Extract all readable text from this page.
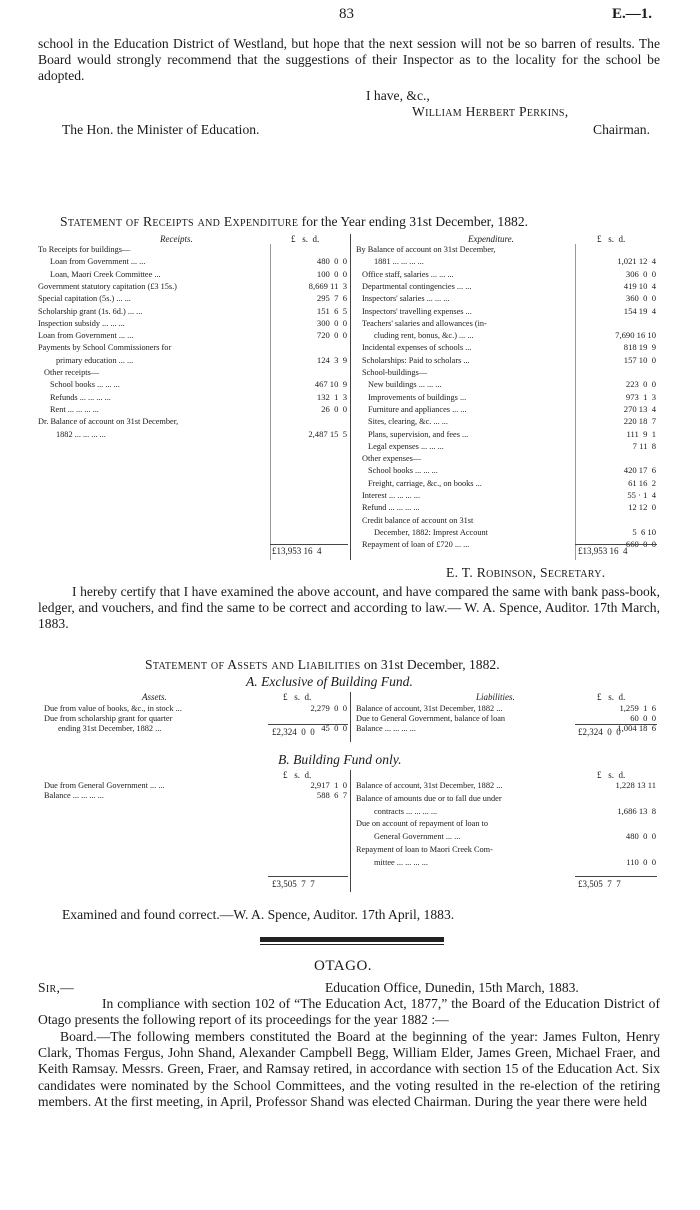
83	E.—1.
school in the Education District of Westland, but hope that the next session will not be so barren of results. The Board would strongly recommend that the suggestions of their Inspector as to the locality for the school be adopted.
I have, &c.,
William Herbert Perkins,
The Hon. the Minister of Education.	Chairman.
Statement of Receipts and Expenditure for the Year ending 31st December, 1882.
Receipts.	£   s.  d.	Expenditure.	£   s.  d.
To Receipts for buildings—
Loan from Government ... ...	480  0  0
Loan, Maori Creek Committee ...	100  0  0
Government statutory capitation (£3 15s.)	8,669 11  3
Special capitation (5s.) ... ...	295  7  6
Scholarship grant (1s. 6d.) ... ...	151  6  5
Inspection subsidy ... ... ...	300  0  0
Loan from Government ... ...	720  0  0
Payments by School Commissioners for
primary education ... ...	124  3  9
Other receipts—
School books ... ... ...	467 10  9
Refunds ... ... ... ...	132  1  3
Rent ... ... ... ...	26  0  0
Dr. Balance of account on 31st December,
1882 ... ... ... ...	2,487 15  5
By Balance of account on 31st December,
1881 ... ... ... ...	1,021 12  4
Office staff, salaries ... ... ...	306  0  0
Departmental contingencies ... ...	419 10  4
Inspectors' salaries ... ... ...	360  0  0
Inspectors' travelling expenses ...	154 19  4
Teachers' salaries and allowances (in-
cluding rent, bonus, &c.) ... ...	7,690 16 10
Incidental expenses of schools ...	818 19  9
Scholarships: Paid to scholars ...	157 10  0
School-buildings—
New buildings ... ... ...	223  0  0
Improvements of buildings ...	973  1  3
Furniture and appliances ... ...	270 13  4
Sites, clearing, &c. ... ...	220 18  7
Plans, supervision, and fees ...	111  9  1
Legal expenses ... ... ...	7 11  8
Other expenses—
School books ... ... ...	420 17  6
Freight, carriage, &c., on books ...	61 16  2
Interest ... ... ... ...	55 · 1  4
Refund ... ... ... ...	12 12  0
Credit balance of account on 31st
December, 1882: Imprest Account	5  6 10
Repayment of loan of £720 ... ...	660  0  0
£13,953 16  4	£13,953 16  4
E. T. Robinson, Secretary.
I hereby certify that I have examined the above account, and have compared the same with bank pass-book, ledger, and vouchers, and find the same to be correct and according to law.— W. A. Spence, Auditor. 17th March, 1883.
Statement of Assets and Liabilities on 31st December, 1882.
A. Exclusive of Building Fund.
Assets.	£   s.  d.	Liabilities.	£   s.  d.
Due from value of books, &c., in stock ...	2,279  0  0
Due from scholarship grant for quarter
ending 31st December, 1882 ...	45  0  0
Balance of account, 31st December, 1882 ...	1,259  1  6
Due to General Government, balance of loan	60  0  0
Balance ... ... ... ...	1,004 18  6
£2,324  0  0	£2,324  0  0
B. Building Fund only.
£   s.  d.	£   s.  d.
Due from General Government ... ...	2,917  1  0
Balance ... ... ... ...	588  6  7
Balance of account, 31st December, 1882 ...	1,228 13 11
Balance of amounts due or to fall due under
contracts ... ... ... ...	1,686 13  8
Due on account of repayment of loan to
General Government ... ...	480  0  0
Repayment of loan to Maori Creek Com-
mittee ... ... ... ...	110  0  0
£3,505  7  7	£3,505  7  7
Examined and found correct.—W. A. Spence, Auditor. 17th April, 1883.
OTAGO.
Sir,—	Education Office, Dunedin, 15th March, 1883.
In compliance with section 102 of “The Education Act, 1877,” the Board of the Education District of Otago presents the following report of its proceedings for the year 1882 :—
Board.—The following members constituted the Board at the beginning of the year: James Fulton, Henry Clark, Thomas Fergus, John Shand, Alexander Campbell Begg, William Elder, James Green, Michael Fraer, and Keith Ramsay. Messrs. Green, Fraer, and Ramsay retired, in accordance with section 15 of the Education Act. Six candidates were nominated by the School Committees, and the voting resulted in the re-election of the retiring members. At the first meeting, in April, Professor Shand was elected Chairman. During the year there were held
